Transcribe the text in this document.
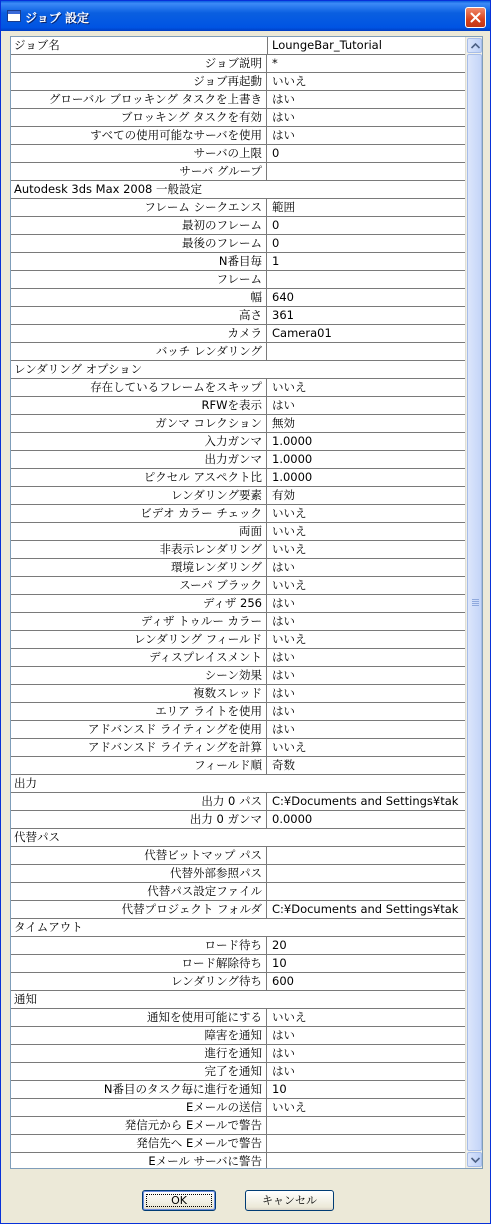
ジョブ 設定
ジョブ名	LoungeBar_Tutorial
ジョブ説明 *
ジョブ再起動 いいえ
グローバル ブロッキング タスクを上書き はい
ブロッキング タスクを有効 はい
すべての使用可能なサーバを使用 はい
サーバの上限 0
サーバ グループ
Autodesk 3ds Max 2008 一般設定
フレーム シークエンス 範囲
最初のフレーム 0
最後のフレーム 0
N番目毎 1
フレーム
幅 640
高さ 361
カメラ Camera01
バッチ レンダリング
レンダリング オプション
存在しているフレームをスキップ いいえ
RFWを表示 はい
ガンマ コレクション 無効
入力ガンマ 1.0000
出力ガンマ 1.0000
ピクセル アスペクト比 1.0000
レンダリング要素 有効
ビデオ カラー チェック いいえ
両面 いいえ
非表示レンダリング いいえ
環境レンダリング はい
スーパ ブラック いいえ
ディザ 256 はい
ディザ トゥルー カラー はい
レンダリング フィールド いいえ
ディスプレイスメント はい
シーン効果 はい
複数スレッド はい
エリア ライトを使用 はい
アドバンスド ライティングを使用 はい
アドバンスド ライティングを計算 いいえ
フィールド順 奇数
出力
出力 0 パス C:¥Documents and Settings¥tak
出力 0 ガンマ 0.0000
代替パス
代替ビットマップ パス
代替外部参照パス
代替パス設定ファイル
代替プロジェクト フォルダ C:¥Documents and Settings¥tak
タイムアウト
ロード待ち 20
ロード解除待ち 10
レンダリング待ち 600
通知
通知を使用可能にする いいえ
障害を通知 はい
進行を通知 はい
完了を通知 はい
N番目のタスク毎に進行を通知 10
Eメールの送信 いいえ
発信元から Eメールで警告
発信先へ Eメールで警告
Eメール サーバに警告
OK	キャンセル
